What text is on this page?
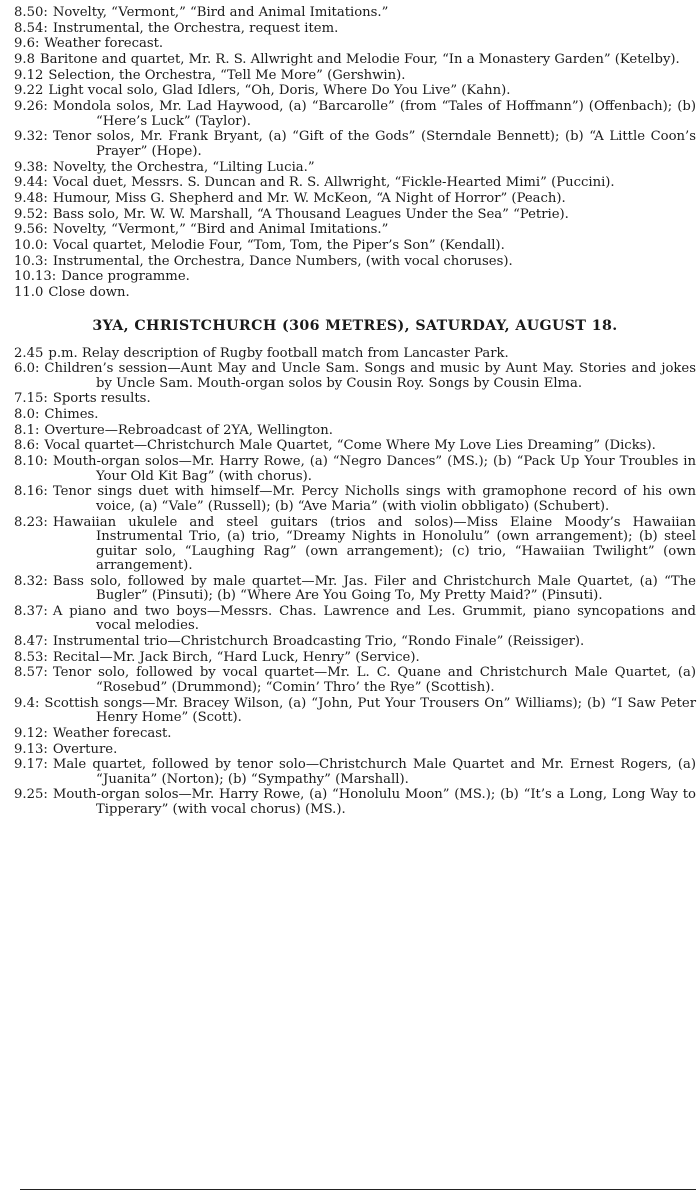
8.50: Novelty, “Vermont,” “Bird and Animal Imitations.”
8.54: Instrumental, the Orchestra, request item.
9.6: Weather forecast.
9.8 Baritone and quartet, Mr. R. S. Allwright and Melodie Four, “In a Monastery Garden” (Ketelby).
9.12 Selection, the Orchestra, “Tell Me More” (Gershwin).
9.22 Light vocal solo, Glad Idlers, “Oh, Doris, Where Do You Live” (Kahn).
9.26: Mondola solos, Mr. Lad Haywood, (a) “Barcarolle” (from “Tales of Hoffmann”) (Offenbach); (b) “Here’s Luck” (Taylor).
9.32: Tenor solos, Mr. Frank Bryant, (a) “Gift of the Gods” (Sterndale Bennett); (b) “A Little Coon’s Prayer” (Hope).
9.38: Novelty, the Orchestra, “Lilting Lucia.”
9.44: Vocal duet, Messrs. S. Duncan and R. S. Allwright, “Fickle-Hearted Mimi” (Puccini).
9.48: Humour, Miss G. Shepherd and Mr. W. McKeon, “A Night of Horror” (Peach).
9.52: Bass solo, Mr. W. W. Marshall, “A Thousand Leagues Under the Sea” “Petrie).
9.56: Novelty, “Vermont,” “Bird and Animal Imitations.”
10.0: Vocal quartet, Melodie Four, “Tom, Tom, the Piper’s Son” (Kendall).
10.3: Instrumental, the Orchestra, Dance Numbers, (with vocal choruses).
10.13: Dance programme.
11.0 Close down.
3YA, CHRISTCHURCH (306 METRES), SATURDAY, AUGUST 18.
2.45 p.m. Relay description of Rugby football match from Lancaster Park.
6.0: Children’s session—Aunt May and Uncle Sam. Songs and music by Aunt May. Stories and jokes by Uncle Sam. Mouth-organ solos by Cousin Roy. Songs by Cousin Elma.
7.15: Sports results.
8.0: Chimes.
8.1: Overture—Rebroadcast of 2YA, Wellington.
8.6: Vocal quartet—Christchurch Male Quartet, “Come Where My Love Lies Dreaming” (Dicks).
8.10: Mouth-organ solos—Mr. Harry Rowe, (a) “Negro Dances” (MS.); (b) “Pack Up Your Troubles in Your Old Kit Bag” (with chorus).
8.16: Tenor sings duet with himself—Mr. Percy Nicholls sings with gramophone record of his own voice, (a) “Vale” (Russell); (b) “Ave Maria” (with violin obbligato) (Schubert).
8.23: Hawaiian ukulele and steel guitars (trios and solos)—Miss Elaine Moody’s Hawaiian Instrumental Trio, (a) trio, “Dreamy Nights in Honolulu” (own arrangement); (b) steel guitar solo, “Laughing Rag” (own arrangement); (c) trio, “Hawaiian Twilight” (own arrangement).
8.32: Bass solo, followed by male quartet—Mr. Jas. Filer and Christchurch Male Quartet, (a) “The Bugler” (Pinsuti); (b) “Where Are You Going To, My Pretty Maid?” (Pinsuti).
8.37: A piano and two boys—Messrs. Chas. Lawrence and Les. Grummit, piano syncopations and vocal melodies.
8.47: Instrumental trio—Christchurch Broadcasting Trio, “Rondo Finale” (Reissiger).
8.53: Recital—Mr. Jack Birch, “Hard Luck, Henry” (Service).
8.57: Tenor solo, followed by vocal quartet—Mr. L. C. Quane and Christchurch Male Quartet, (a) “Rosebud” (Drummond); “Comin’ Thro’ the Rye” (Scottish).
9.4: Scottish songs—Mr. Bracey Wilson, (a) “John, Put Your Trousers On” Williams); (b) “I Saw Peter Henry Home” (Scott).
9.12: Weather forecast.
9.13: Overture.
9.17: Male quartet, followed by tenor solo—Christchurch Male Quartet and Mr. Ernest Rogers, (a) “Juanita” (Norton); (b) “Sympathy” (Marshall).
9.25: Mouth-organ solos—Mr. Harry Rowe, (a) “Honolulu Moon” (MS.); (b) “It’s a Long, Long Way to Tipperary” (with vocal chorus) (MS.).
